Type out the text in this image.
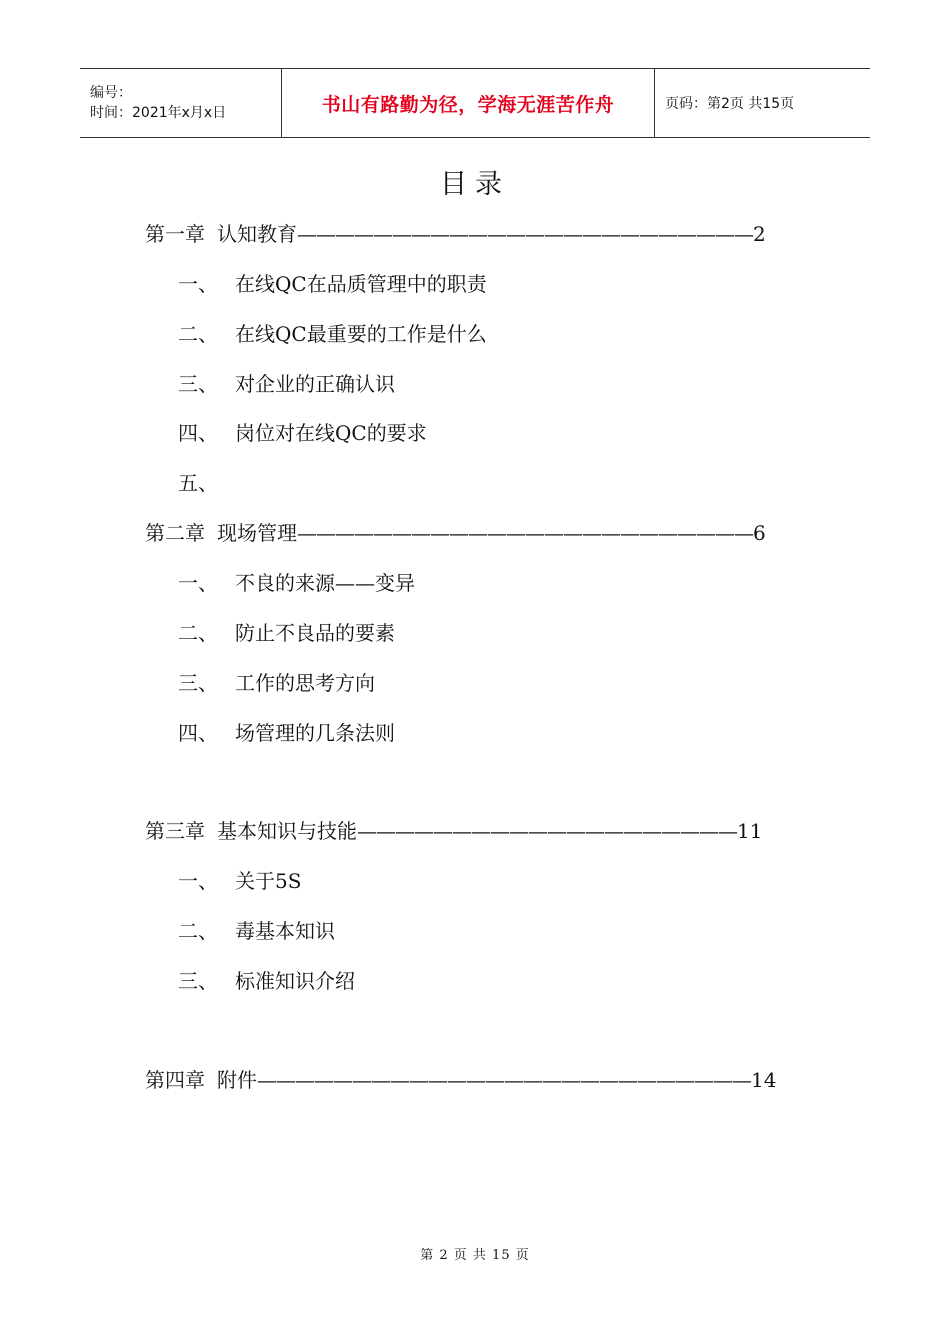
编号：
时间：2021年x月x日	书山有路勤为径，学海无涯苦作舟	页码：第2页 共15页
目录
第一章 认知教育————————————————————————2
一、 在线QC在品质管理中的职责
二、 在线QC最重要的工作是什么
三、 对企业的正确认识
四、 岗位对在线QC的要求
五、
第二章 现场管理————————————————————————6
一、 不良的来源——变异
二、 防止不良品的要素
三、 工作的思考方向
四、 场管理的几条法则
第三章 基本知识与技能————————————————————11
一、 关于5S
二、 毒基本知识
三、 标准知识介绍
第四章 附件——————————————————————————14
第 2 页 共 15 页
